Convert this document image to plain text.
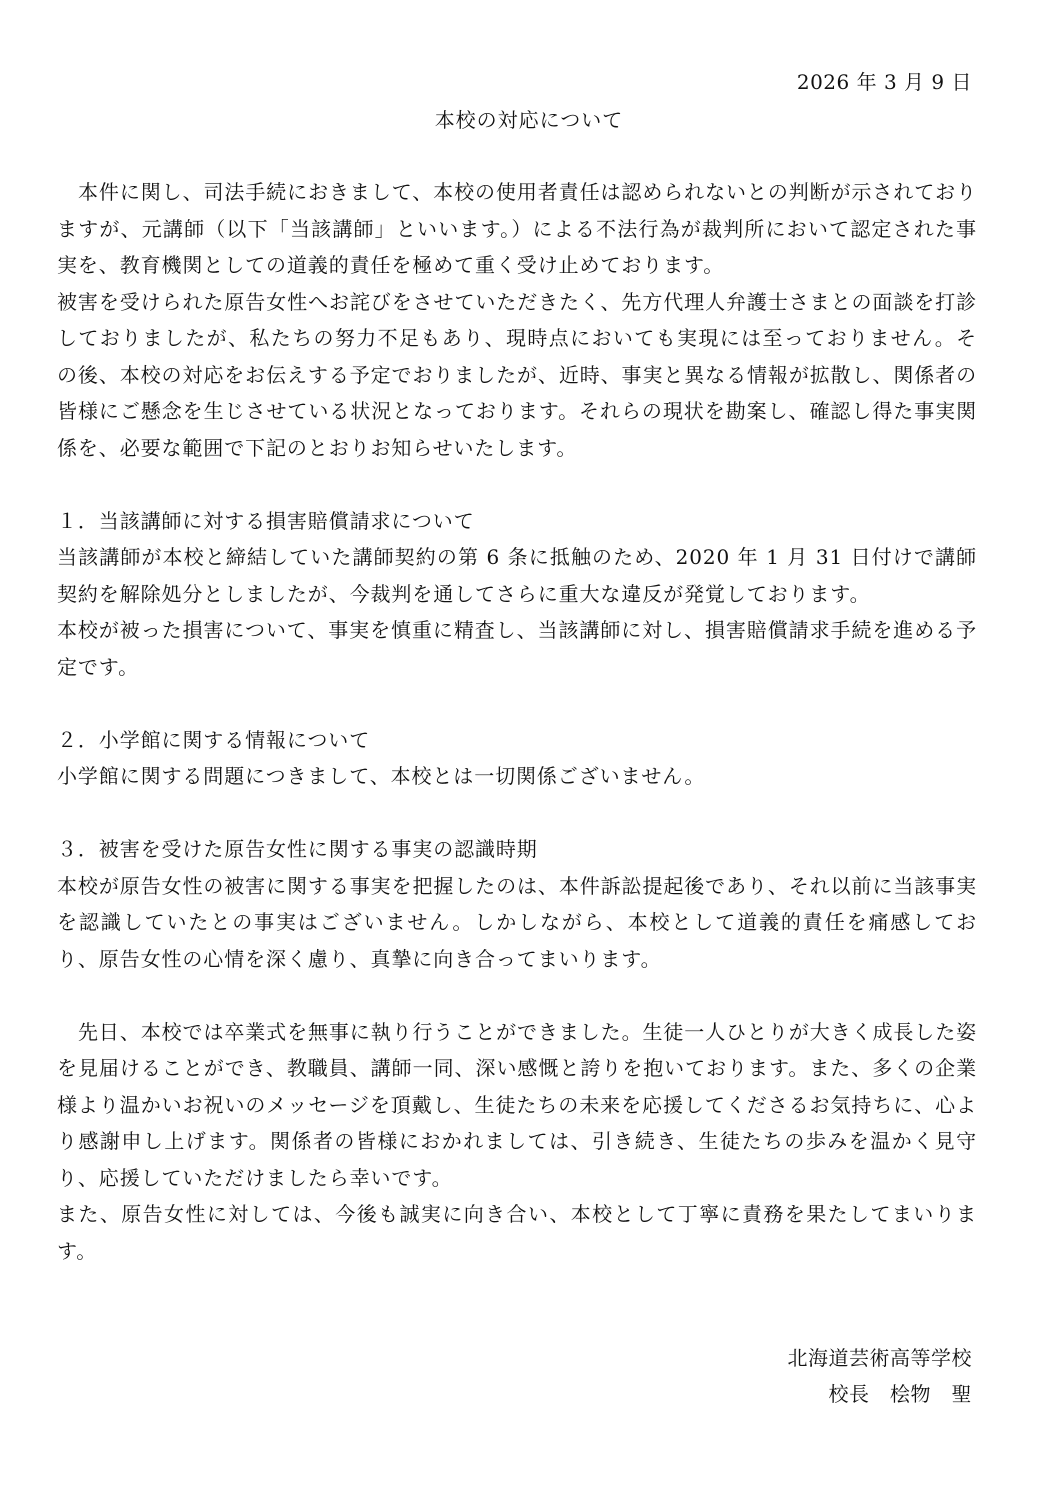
2026 年 3 月 9 日
本校の対応について

本件に関し、司法手続におきまして、本校の使用者責任は認められないとの判断が示されておりますが、元講師（以下「当該講師」といいます。）による不法行為が裁判所において認定された事実を、教育機関としての道義的責任を極めて重く受け止めております。

被害を受けられた原告女性へお詫びをさせていただきたく、先方代理人弁護士さまとの面談を打診しておりましたが、私たちの努力不足もあり、現時点においても実現には至っておりません。その後、本校の対応をお伝えする予定でおりましたが、近時、事実と異なる情報が拡散し、関係者の皆様にご懸念を生じさせている状況となっております。それらの現状を勘案し、確認し得た事実関係を、必要な範囲で下記のとおりお知らせいたします。

１．当該講師に対する損害賠償請求について

当該講師が本校と締結していた講師契約の第 6 条に抵触のため、2020 年 1 月 31 日付けで講師契約を解除処分としましたが、今裁判を通してさらに重大な違反が発覚しております。

本校が被った損害について、事実を慎重に精査し、当該講師に対し、損害賠償請求手続を進める予定です。

２．小学館に関する情報について

小学館に関する問題につきまして、本校とは一切関係ございません。

３．被害を受けた原告女性に関する事実の認識時期

本校が原告女性の被害に関する事実を把握したのは、本件訴訟提起後であり、それ以前に当該事実を認識していたとの事実はございません。しかしながら、本校として道義的責任を痛感しており、原告女性の心情を深く慮り、真摯に向き合ってまいります。

先日、本校では卒業式を無事に執り行うことができました。生徒一人ひとりが大きく成長した姿を見届けることができ、教職員、講師一同、深い感慨と誇りを抱いております。また、多くの企業様より温かいお祝いのメッセージを頂戴し、生徒たちの未来を応援してくださるお気持ちに、心より感謝申し上げます。関係者の皆様におかれましては、引き続き、生徒たちの歩みを温かく見守り、応援していただけましたら幸いです。

また、原告女性に対しては、今後も誠実に向き合い、本校として丁寧に責務を果たしてまいります。

北海道芸術高等学校
校長　桧物　聖
